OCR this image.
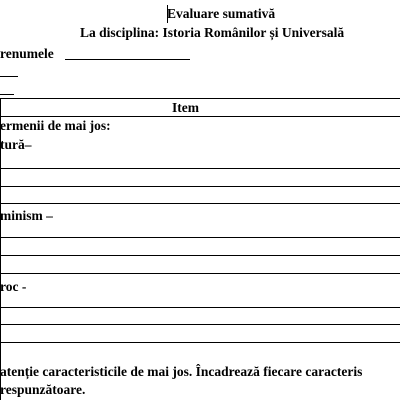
Evaluare sumativă
La disciplina: Istoria Românilor și Universală
renumele
Item
ermenii de mai jos:
tură–
minism –
roc -
atenție caracteristicile de mai jos. Încadrează fiecare caracteris
respunzătoare.
